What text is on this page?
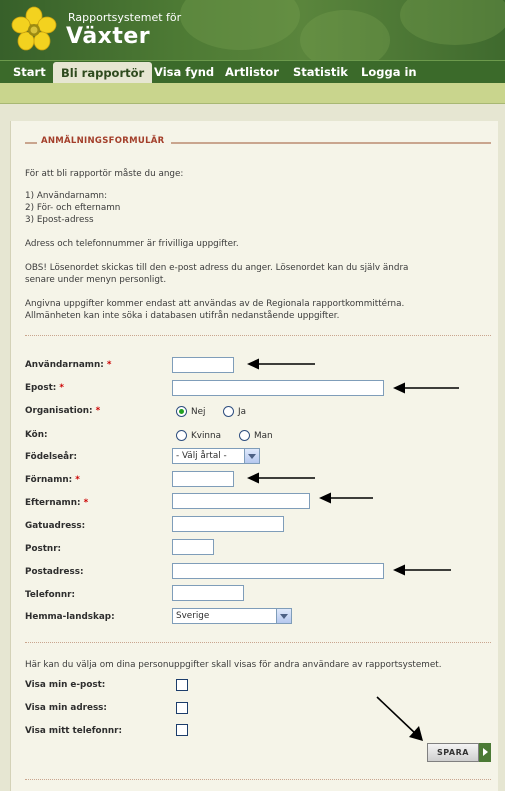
Rapportsystemet för
Växter
Start	Bli rapportör Visa fynd Artlistor	Statistik	Logga in
ANMÄLNINGSFORMULÄR
För att bli rapportör måste du ange:
1) Användarnamn:
2) För- och efternamn
3) Epost-adress
Adress och telefonnummer är frivilliga uppgifter.
OBS! Lösenordet skickas till den e-post adress du anger. Lösenordet kan du själv ändra
senare under menyn personligt.
Angivna uppgifter kommer endast att användas av de Regionala rapportkommittérna.
Allmänheten kan inte söka i databasen utifrån nedanstående uppgifter.
Användarnamn: *
Epost: *
Organisation: *	Nej	Ja
Kön:	Kvinna	Man
Födelseår:	- Välj årtal -
Förnamn: *
Efternamn: *
Gatuadress:
Postnr:
Postadress:
Telefonnr:
Hemma-landskap:	Sverige
Här kan du välja om dina personuppgifter skall visas för andra användare av rapportsystemet.
Visa min e-post:
Visa min adress:
Visa mitt telefonnr:
SPARA
